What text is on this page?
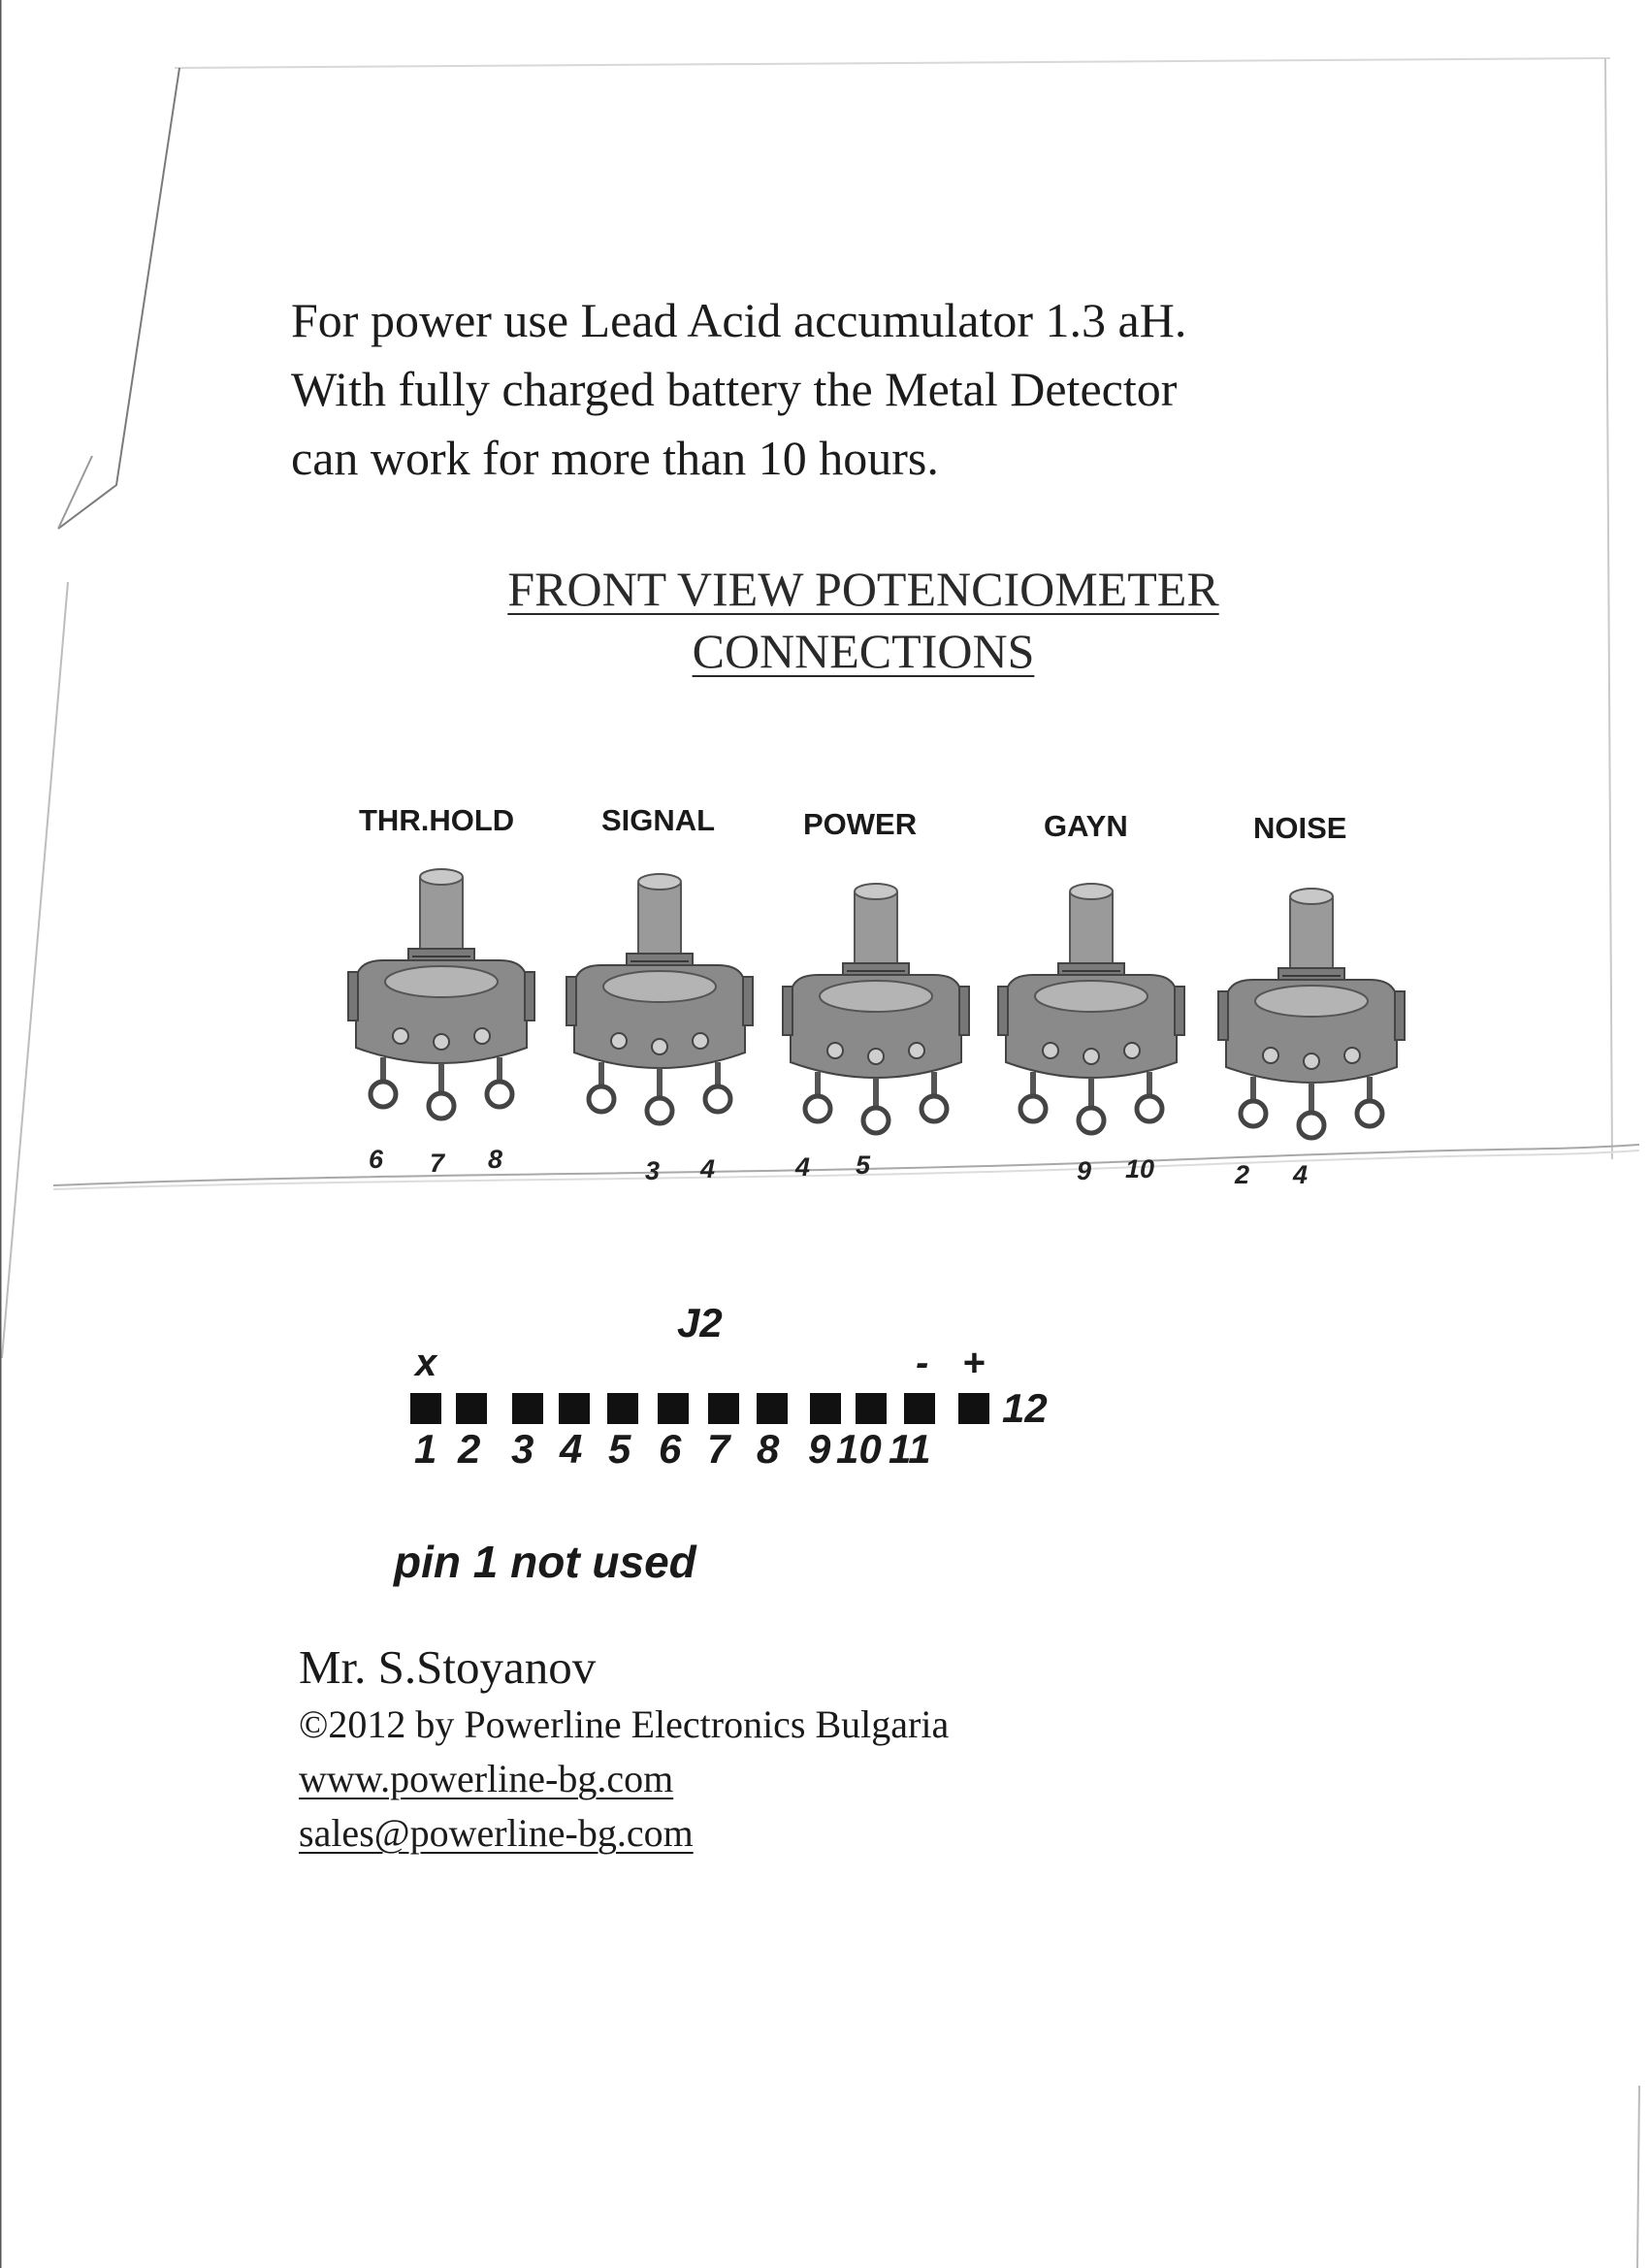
For power use Lead Acid accumulator 1.3 aH.
With fully charged battery the Metal Detector
can work for more than 10 hours.
FRONT VIEW POTENCIOMETER
CONNECTIONS
THR.HOLD	SIGNAL	POWER	GAYN	NOISE
6 7 8	3 4	4 5	9 10	2 4
J2
x	- +
1 2 3 4 5 6 7 8 9 10 11
12
pin 1 not used
Mr. S.Stoyanov
©2012 by Powerline Electronics Bulgaria
www.powerline-bg.com
sales@powerline-bg.com
